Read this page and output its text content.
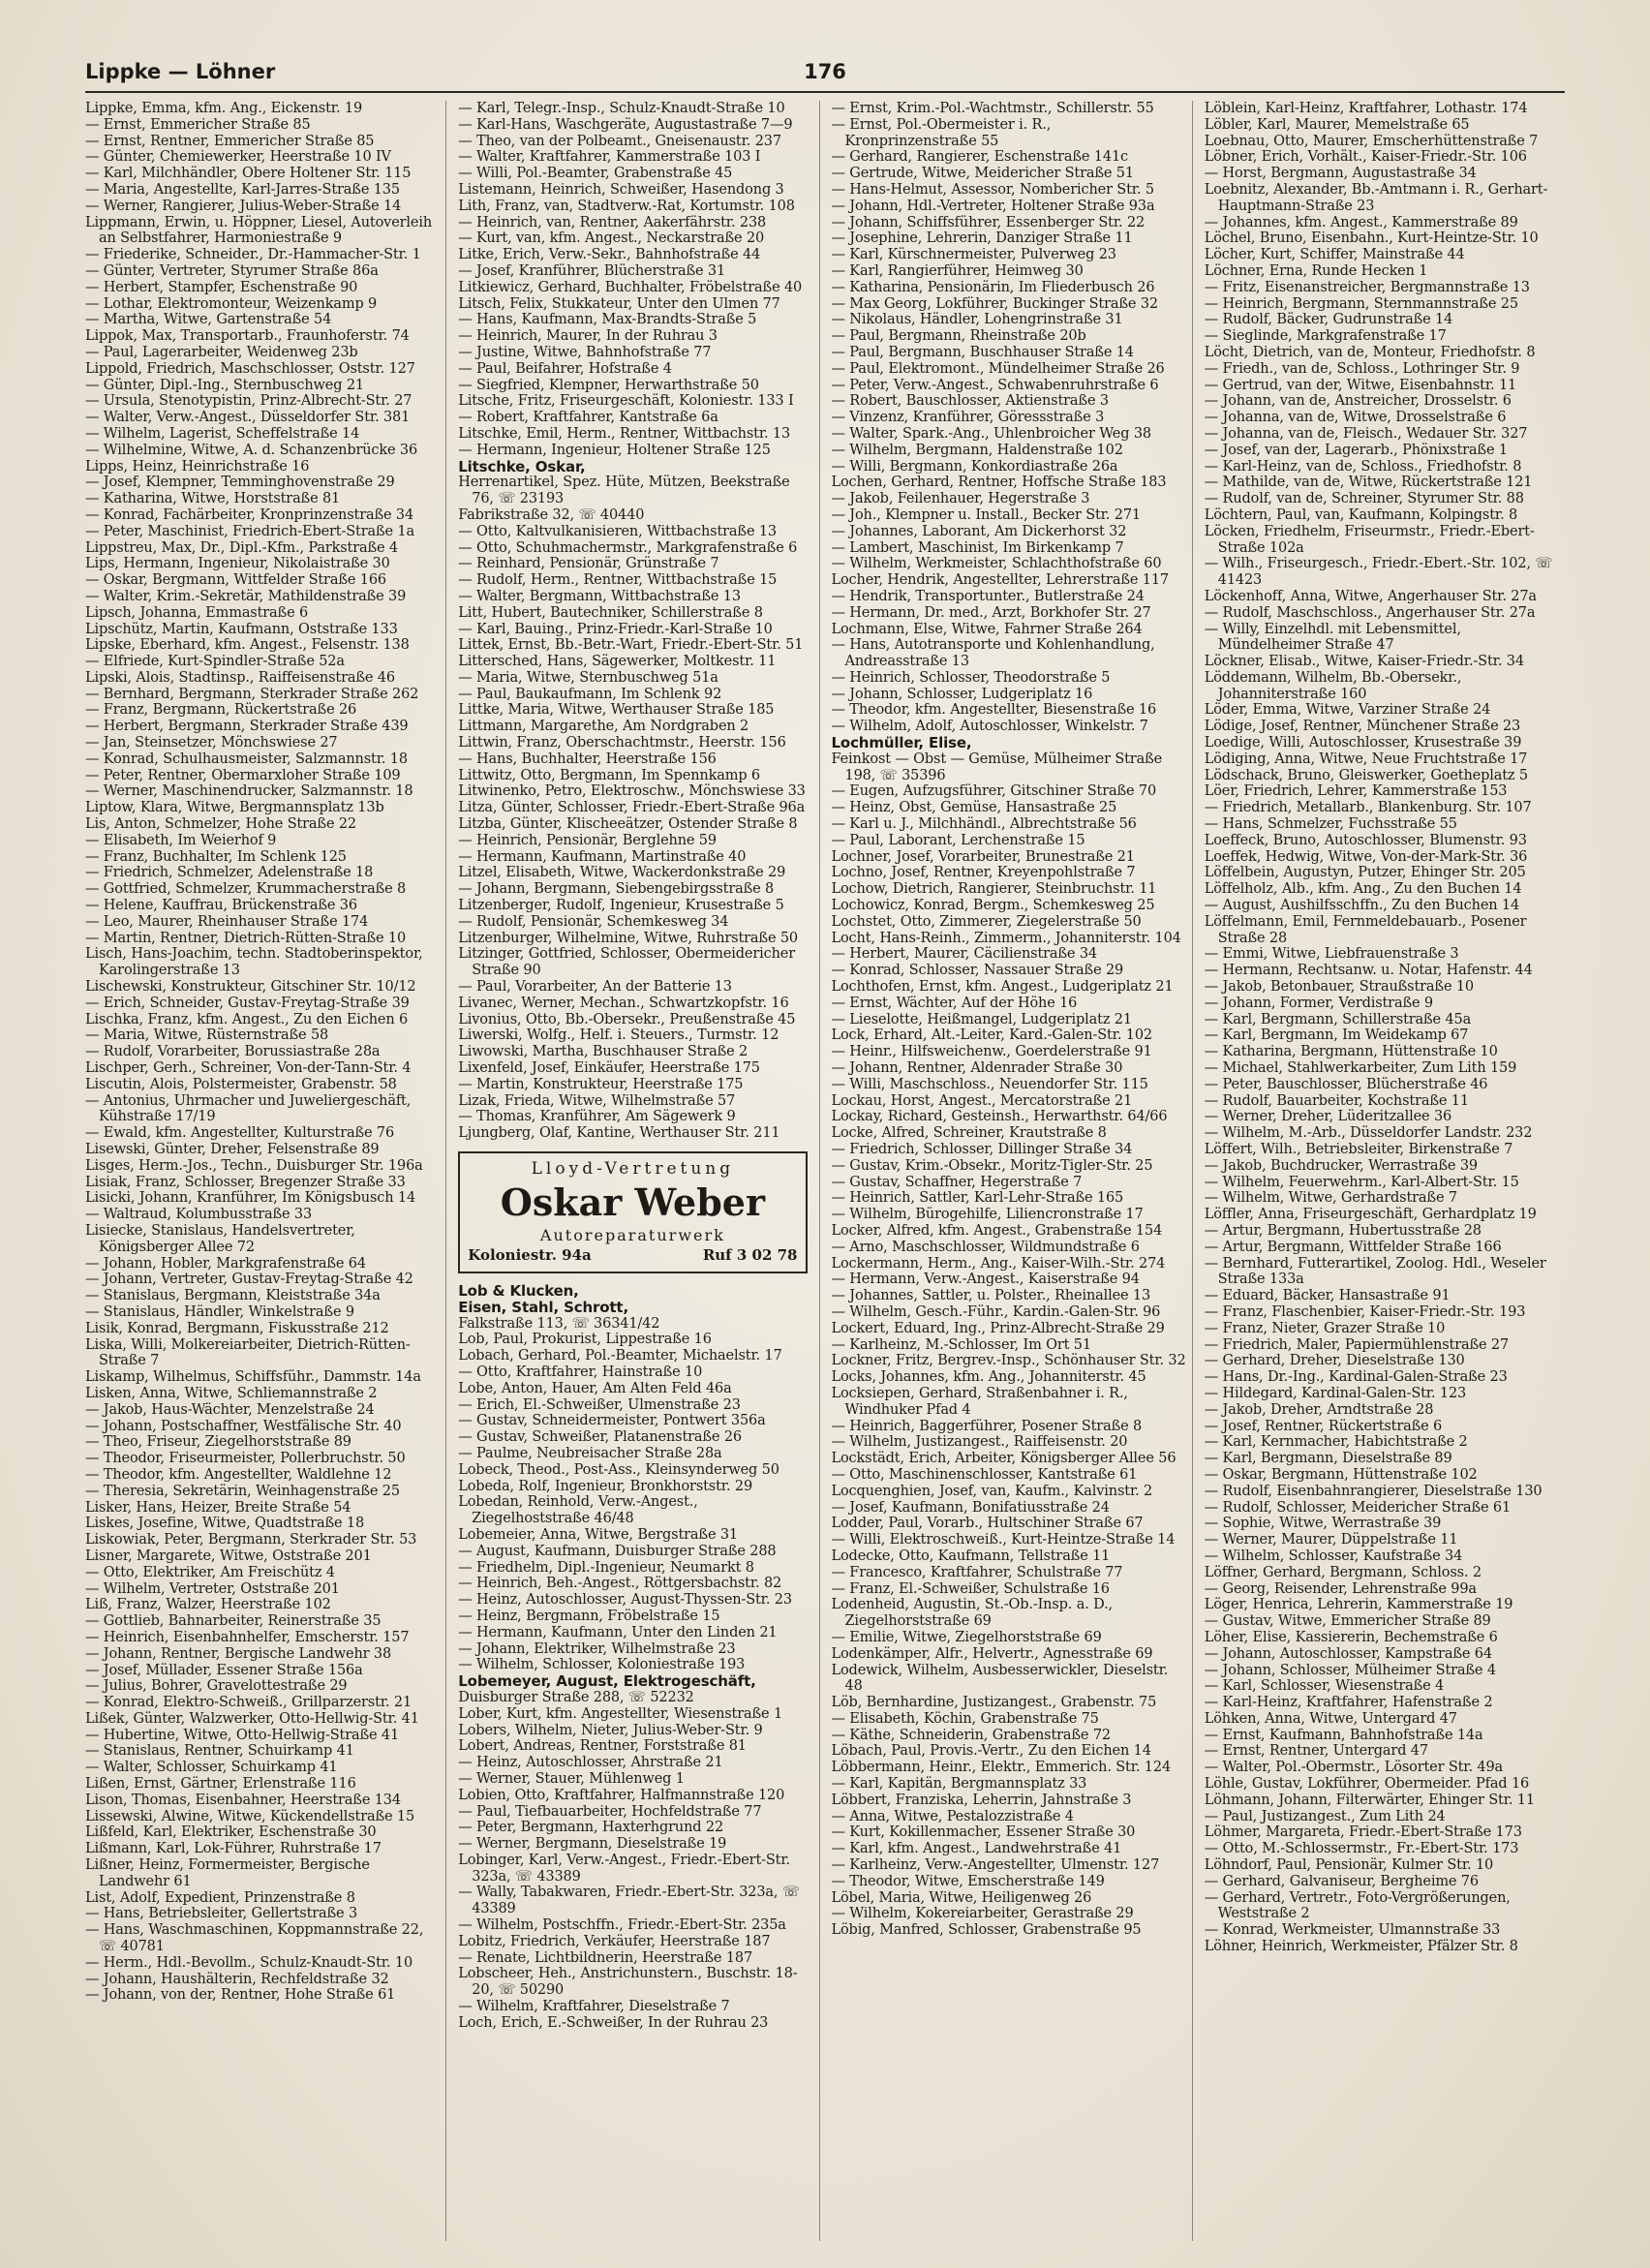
Lippke — Löhner	176
Lippke, Emma, kfm. Ang., Eickenstr. 19
— Ernst, Emmericher Straße 85
— Ernst, Rentner, Emmericher Straße 85
— Günter, Chemiewerker, Heerstraße 10 IV
— Karl, Milchhändler, Obere Holtener Str. 115
— Maria, Angestellte, Karl-Jarres-Straße 135
— Werner, Rangierer, Julius-Weber-Straße 14
Lippmann, Erwin, u. Höppner, Liesel, Autoverleih an Selbstfahrer, Harmoniestraße 9
— Friederike, Schneider., Dr.-Hammacher-Str. 1
— Günter, Vertreter, Styrumer Straße 86a
— Herbert, Stampfer, Eschenstraße 90
— Lothar, Elektromonteur, Weizenkamp 9
— Martha, Witwe, Gartenstraße 54
Lippok, Max, Transportarb., Fraunhoferstr. 74
— Paul, Lagerarbeiter, Weidenweg 23b
Lippold, Friedrich, Maschschlosser, Oststr. 127
— Günter, Dipl.-Ing., Sternbuschweg 21
— Ursula, Stenotypistin, Prinz-Albrecht-Str. 27
— Walter, Verw.-Angest., Düsseldorfer Str. 381
— Wilhelm, Lagerist, Scheffelstraße 14
— Wilhelmine, Witwe, A. d. Schanzenbrücke 36
Lipps, Heinz, Heinrichstraße 16
— Josef, Klempner, Temminghovenstraße 29
— Katharina, Witwe, Horststraße 81
— Konrad, Fachärbeiter, Kronprinzenstraße 34
— Peter, Maschinist, Friedrich-Ebert-Straße 1a
Lippstreu, Max, Dr., Dipl.-Kfm., Parkstraße 4
Lips, Hermann, Ingenieur, Nikolaistraße 30
— Oskar, Bergmann, Wittfelder Straße 166
— Walter, Krim.-Sekretär, Mathildenstraße 39
Lipsch, Johanna, Emmastraße 6
Lipschütz, Martin, Kaufmann, Oststraße 133
Lipske, Eberhard, kfm. Angest., Felsenstr. 138
— Elfriede, Kurt-Spindler-Straße 52a
Lipski, Alois, Stadtinsp., Raiffeisenstraße 46
— Bernhard, Bergmann, Sterkrader Straße 262
— Franz, Bergmann, Rückertstraße 26
— Herbert, Bergmann, Sterkrader Straße 439
— Jan, Steinsetzer, Mönchswiese 27
— Konrad, Schulhausmeister, Salzmannstr. 18
— Peter, Rentner, Obermarxloher Straße 109
— Werner, Maschinendrucker, Salzmannstr. 18
Liptow, Klara, Witwe, Bergmannsplatz 13b
Lis, Anton, Schmelzer, Hohe Straße 22
— Elisabeth, Im Weierhof 9
— Franz, Buchhalter, Im Schlenk 125
— Friedrich, Schmelzer, Adelenstraße 18
— Gottfried, Schmelzer, Krummacherstraße 8
— Helene, Kauffrau, Brückenstraße 36
— Leo, Maurer, Rheinhauser Straße 174
— Martin, Rentner, Dietrich-Rütten-Straße 10
Lisch, Hans-Joachim, techn. Stadtoberinspektor, Karolingerstraße 13
Lischewski, Konstrukteur, Gitschiner Str. 10/12
— Erich, Schneider, Gustav-Freytag-Straße 39
Lischka, Franz, kfm. Angest., Zu den Eichen 6
— Maria, Witwe, Rüsternstraße 58
— Rudolf, Vorarbeiter, Borussiastraße 28a
Lischper, Gerh., Schreiner, Von-der-Tann-Str. 4
Liscutin, Alois, Polstermeister, Grabenstr. 58
— Antonius, Uhrmacher und Juweliergeschäft, Kühstraße 17/19
— Ewald, kfm. Angestellter, Kulturstraße 76
Lisewski, Günter, Dreher, Felsenstraße 89
Lisges, Herm.-Jos., Techn., Duisburger Str. 196a
Lisiak, Franz, Schlosser, Bregenzer Straße 33
Lisicki, Johann, Kranführer, Im Königsbusch 14
— Waltraud, Kolumbusstraße 33
Lisiecke, Stanislaus, Handelsvertreter, Königsberger Allee 72
— Johann, Hobler, Markgrafenstraße 64
— Johann, Vertreter, Gustav-Freytag-Straße 42
— Stanislaus, Bergmann, Kleiststraße 34a
— Stanislaus, Händler, Winkelstraße 9
Lisik, Konrad, Bergmann, Fiskusstraße 212
Liska, Willi, Molkereiarbeiter, Dietrich-Rütten-Straße 7
Liskamp, Wilhelmus, Schiffsführ., Dammstr. 14a
Lisken, Anna, Witwe, Schliemannstraße 2
— Jakob, Haus-Wächter, Menzelstraße 24
— Johann, Postschaffner, Westfälische Str. 40
— Theo, Friseur, Ziegelhorststraße 89
— Theodor, Friseurmeister, Pollerbruchstr. 50
— Theodor, kfm. Angestellter, Waldlehne 12
— Theresia, Sekretärin, Weinhagenstraße 25
Lisker, Hans, Heizer, Breite Straße 54
Liskes, Josefine, Witwe, Quadtstraße 18
Liskowiak, Peter, Bergmann, Sterkrader Str. 53
Lisner, Margarete, Witwe, Oststraße 201
— Otto, Elektriker, Am Freischütz 4
— Wilhelm, Vertreter, Oststraße 201
Liß, Franz, Walzer, Heerstraße 102
— Gottlieb, Bahnarbeiter, Reinerstraße 35
— Heinrich, Eisenbahnhelfer, Emscherstr. 157
— Johann, Rentner, Bergische Landwehr 38
— Josef, Müllader, Essener Straße 156a
— Julius, Bohrer, Gravelottestraße 29
— Konrad, Elektro-Schweiß., Grillparzerstr. 21
Lißek, Günter, Walzwerker, Otto-Hellwig-Str. 41
— Hubertine, Witwe, Otto-Hellwig-Straße 41
— Stanislaus, Rentner, Schuirkamp 41
— Walter, Schlosser, Schuirkamp 41
Lißen, Ernst, Gärtner, Erlenstraße 116
Lison, Thomas, Eisenbahner, Heerstraße 134
Lissewski, Alwine, Witwe, Kückendellstraße 15
Lißfeld, Karl, Elektriker, Eschenstraße 30
Lißmann, Karl, Lok-Führer, Ruhrstraße 17
Lißner, Heinz, Formermeister, Bergische Landwehr 61
List, Adolf, Expedient, Prinzenstraße 8
— Hans, Betriebsleiter, Gellertstraße 3
— Hans, Waschmaschinen, Koppmannstraße 22, ☏ 40781
— Herm., Hdl.-Bevollm., Schulz-Knaudt-Str. 10
— Johann, Haushälterin, Rechfeldstraße 32
— Johann, von der, Rentner, Hohe Straße 61
— Karl, Telegr.-Insp., Schulz-Knaudt-Straße 10
— Karl-Hans, Waschgeräte, Augustastraße 7—9
— Theo, van der Polbeamt., Gneisenaustr. 237
— Walter, Kraftfahrer, Kammerstraße 103 I
— Willi, Pol.-Beamter, Grabenstraße 45
Listemann, Heinrich, Schweißer, Hasendong 3
Lith, Franz, van, Stadtverw.-Rat, Kortumstr. 108
— Heinrich, van, Rentner, Aakerfährstr. 238
— Kurt, van, kfm. Angest., Neckarstraße 20
Litke, Erich, Verw.-Sekr., Bahnhofstraße 44
— Josef, Kranführer, Blücherstraße 31
Litkiewicz, Gerhard, Buchhalter, Fröbelstraße 40
Litsch, Felix, Stukkateur, Unter den Ulmen 77
— Hans, Kaufmann, Max-Brandts-Straße 5
— Heinrich, Maurer, In der Ruhrau 3
— Justine, Witwe, Bahnhofstraße 77
— Paul, Beifahrer, Hofstraße 4
— Siegfried, Klempner, Herwarthstraße 50
Litsche, Fritz, Friseurgeschäft, Koloniestr. 133 I
— Robert, Kraftfahrer, Kantstraße 6a
Litschke, Emil, Herm., Rentner, Wittbachstr. 13
— Hermann, Ingenieur, Holtener Straße 125
Litschke, Oskar,
Herrenartikel, Spez. Hüte, Mützen, Beekstraße 76, ☏ 23193
Fabrikstraße 32, ☏ 40440
— Otto, Kaltvulkanisieren, Wittbachstraße 13
— Otto, Schuhmachermstr., Markgrafenstraße 6
— Reinhard, Pensionär, Grünstraße 7
— Rudolf, Herm., Rentner, Wittbachstraße 15
— Walter, Bergmann, Wittbachstraße 13
Litt, Hubert, Bautechniker, Schillerstraße 8
— Karl, Bauing., Prinz-Friedr.-Karl-Straße 10
Littek, Ernst, Bb.-Betr.-Wart, Friedr.-Ebert-Str. 51
Littersched, Hans, Sägewerker, Moltkestr. 11
— Maria, Witwe, Sternbuschweg 51a
— Paul, Baukaufmann, Im Schlenk 92
Littke, Maria, Witwe, Werthauser Straße 185
Littmann, Margarethe, Am Nordgraben 2
Littwin, Franz, Oberschachtmstr., Heerstr. 156
— Hans, Buchhalter, Heerstraße 156
Littwitz, Otto, Bergmann, Im Spennkamp 6
Litwinenko, Petro, Elektroschw., Mönchswiese 33
Litza, Günter, Schlosser, Friedr.-Ebert-Straße 96a
Litzba, Günter, Klischeeätzer, Ostender Straße 8
— Heinrich, Pensionär, Berglehne 59
— Hermann, Kaufmann, Martinstraße 40
Litzel, Elisabeth, Witwe, Wackerdonkstraße 29
— Johann, Bergmann, Siebengebirgsstraße 8
Litzenberger, Rudolf, Ingenieur, Krusestraße 5
— Rudolf, Pensionär, Schemkesweg 34
Litzenburger, Wilhelmine, Witwe, Ruhrstraße 50
Litzinger, Gottfried, Schlosser, Obermeidericher Straße 90
— Paul, Vorarbeiter, An der Batterie 13
Livanec, Werner, Mechan., Schwartzkopfstr. 16
Livonius, Otto, Bb.-Obersekr., Preußenstraße 45
Liwerski, Wolfg., Helf. i. Steuers., Turmstr. 12
Liwowski, Martha, Buschhauser Straße 2
Lixenfeld, Josef, Einkäufer, Heerstraße 175
— Martin, Konstrukteur, Heerstraße 175
Lizak, Frieda, Witwe, Wilhelmstraße 57
— Thomas, Kranführer, Am Sägewerk 9
Ljungberg, Olaf, Kantine, Werthauser Str. 211
Lloyd-Vertretung
Oskar Weber
Autoreparaturwerk
Koloniestr. 94a	Ruf 3 02 78
Lob & Klucken,
Eisen, Stahl, Schrott,
Falkstraße 113, ☏ 36341/42
Lob, Paul, Prokurist, Lippestraße 16
Lobach, Gerhard, Pol.-Beamter, Michaelstr. 17
— Otto, Kraftfahrer, Hainstraße 10
Lobe, Anton, Hauer, Am Alten Feld 46a
— Erich, El.-Schweißer, Ulmenstraße 23
— Gustav, Schneidermeister, Pontwert 356a
— Gustav, Schweißer, Platanenstraße 26
— Paulme, Neubreisacher Straße 28a
Lobeck, Theod., Post-Ass., Kleinsynderweg 50
Lobeda, Rolf, Ingenieur, Bronkhorststr. 29
Lobedan, Reinhold, Verw.-Angest., Ziegelhoststraße 46/48
Lobemeier, Anna, Witwe, Bergstraße 31
— August, Kaufmann, Duisburger Straße 288
— Friedhelm, Dipl.-Ingenieur, Neumarkt 8
— Heinrich, Beh.-Angest., Röttgersbachstr. 82
— Heinz, Autoschlosser, August-Thyssen-Str. 23
— Heinz, Bergmann, Fröbelstraße 15
— Hermann, Kaufmann, Unter den Linden 21
— Johann, Elektriker, Wilhelmstraße 23
— Wilhelm, Schlosser, Koloniestraße 193
Lobemeyer, August, Elektrogeschäft,
Duisburger Straße 288, ☏ 52232
Lober, Kurt, kfm. Angestellter, Wiesenstraße 1
Lobers, Wilhelm, Nieter, Julius-Weber-Str. 9
Lobert, Andreas, Rentner, Forststraße 81
— Heinz, Autoschlosser, Ahrstraße 21
— Werner, Stauer, Mühlenweg 1
Lobien, Otto, Kraftfahrer, Halfmannstraße 120
— Paul, Tiefbauarbeiter, Hochfeldstraße 77
— Peter, Bergmann, Haxterhgrund 22
— Werner, Bergmann, Dieselstraße 19
Lobinger, Karl, Verw.-Angest., Friedr.-Ebert-Str. 323a, ☏ 43389
— Wally, Tabakwaren, Friedr.-Ebert-Str. 323a, ☏ 43389
— Wilhelm, Postschffn., Friedr.-Ebert-Str. 235a
Lobitz, Friedrich, Verkäufer, Heerstraße 187
— Renate, Lichtbildnerin, Heerstraße 187
Lobscheer, Heh., Anstrichunstern., Buschstr. 18-20, ☏ 50290
— Wilhelm, Kraftfahrer, Dieselstraße 7
Loch, Erich, E.-Schweißer, In der Ruhrau 23
— Ernst, Krim.-Pol.-Wachtmstr., Schillerstr. 55
— Ernst, Pol.-Obermeister i. R., Kronprinzenstraße 55
— Gerhard, Rangierer, Eschenstraße 141c
— Gertrude, Witwe, Meidericher Straße 51
— Hans-Helmut, Assessor, Nombericher Str. 5
— Johann, Hdl.-Vertreter, Holtener Straße 93a
— Johann, Schiffsführer, Essenberger Str. 22
— Josephine, Lehrerin, Danziger Straße 11
— Karl, Kürschnermeister, Pulverweg 23
— Karl, Rangierführer, Heimweg 30
— Katharina, Pensionärin, Im Fliederbusch 26
— Max Georg, Lokführer, Buckinger Straße 32
— Nikolaus, Händler, Lohengrinstraße 31
— Paul, Bergmann, Rheinstraße 20b
— Paul, Bergmann, Buschhauser Straße 14
— Paul, Elektromont., Mündelheimer Straße 26
— Peter, Verw.-Angest., Schwabenruhrstraße 6
— Robert, Bauschlosser, Aktienstraße 3
— Vinzenz, Kranführer, Göressstraße 3
— Walter, Spark.-Ang., Uhlenbroicher Weg 38
— Wilhelm, Bergmann, Haldenstraße 102
— Willi, Bergmann, Konkordiastraße 26a
Lochen, Gerhard, Rentner, Hoffsche Straße 183
— Jakob, Feilenhauer, Hegerstraße 3
— Joh., Klempner u. Install., Becker Str. 271
— Johannes, Laborant, Am Dickerhorst 32
— Lambert, Maschinist, Im Birkenkamp 7
— Wilhelm, Werkmeister, Schlachthofstraße 60
Locher, Hendrik, Angestellter, Lehrerstraße 117
— Hendrik, Transportunter., Butlerstraße 24
— Hermann, Dr. med., Arzt, Borkhofer Str. 27
Lochmann, Else, Witwe, Fahrner Straße 264
— Hans, Autotransporte und Kohlenhandlung, Andreasstraße 13
— Heinrich, Schlosser, Theodorstraße 5
— Johann, Schlosser, Ludgeriplatz 16
— Theodor, kfm. Angestellter, Biesenstraße 16
— Wilhelm, Adolf, Autoschlosser, Winkelstr. 7
Lochmüller, Elise,
Feinkost — Obst — Gemüse, Mülheimer Straße 198, ☏ 35396
— Eugen, Aufzugsführer, Gitschiner Straße 70
— Heinz, Obst, Gemüse, Hansastraße 25
— Karl u. J., Milchhändl., Albrechtstraße 56
— Paul, Laborant, Lerchenstraße 15
Lochner, Josef, Vorarbeiter, Brunestraße 21
Lochno, Josef, Rentner, Kreyenpohlstraße 7
Lochow, Dietrich, Rangierer, Steinbruchstr. 11
Lochowicz, Konrad, Bergm., Schemkesweg 25
Lochstet, Otto, Zimmerer, Ziegelerstraße 50
Locht, Hans-Reinh., Zimmerm., Johanniterstr. 104
— Herbert, Maurer, Cäcilienstraße 34
— Konrad, Schlosser, Nassauer Straße 29
Lochthofen, Ernst, kfm. Angest., Ludgeriplatz 21
— Ernst, Wächter, Auf der Höhe 16
— Lieselotte, Heißmangel, Ludgeriplatz 21
Lock, Erhard, Alt.-Leiter, Kard.-Galen-Str. 102
— Heinr., Hilfsweichenw., Goerdelerstraße 91
— Johann, Rentner, Aldenrader Straße 30
— Willi, Maschschloss., Neuendorfer Str. 115
Lockau, Horst, Angest., Mercatorstraße 21
Lockay, Richard, Gesteinsh., Herwarthstr. 64/66
Locke, Alfred, Schreiner, Krautstraße 8
— Friedrich, Schlosser, Dillinger Straße 34
— Gustav, Krim.-Obsekr., Moritz-Tigler-Str. 25
— Gustav, Schaffner, Hegerstraße 7
— Heinrich, Sattler, Karl-Lehr-Straße 165
— Wilhelm, Bürogehilfe, Liliencronstraße 17
Locker, Alfred, kfm. Angest., Grabenstraße 154
— Arno, Maschschlosser, Wildmundstraße 6
Lockermann, Herm., Ang., Kaiser-Wilh.-Str. 274
— Hermann, Verw.-Angest., Kaiserstraße 94
— Johannes, Sattler, u. Polster., Rheinallee 13
— Wilhelm, Gesch.-Führ., Kardin.-Galen-Str. 96
Lockert, Eduard, Ing., Prinz-Albrecht-Straße 29
— Karlheinz, M.-Schlosser, Im Ort 51
Lockner, Fritz, Bergrev.-Insp., Schönhauser Str. 32
Locks, Johannes, kfm. Ang., Johanniterstr. 45
Locksiepen, Gerhard, Straßenbahner i. R., Windhuker Pfad 4
— Heinrich, Baggerführer, Posener Straße 8
— Wilhelm, Justizangest., Raiffeisenstr. 20
Lockstädt, Erich, Arbeiter, Königsberger Allee 56
— Otto, Maschinenschlosser, Kantstraße 61
Locquenghien, Josef, van, Kaufm., Kalvinstr. 2
— Josef, Kaufmann, Bonifatiusstraße 24
Lodder, Paul, Vorarb., Hultschiner Straße 67
— Willi, Elektroschweiß., Kurt-Heintze-Straße 14
Lodecke, Otto, Kaufmann, Tellstraße 11
— Francesco, Kraftfahrer, Schulstraße 77
— Franz, El.-Schweißer, Schulstraße 16
Lodenheid, Augustin, St.-Ob.-Insp. a. D., Ziegelhorststraße 69
— Emilie, Witwe, Ziegelhorststraße 69
Lodenkämper, Alfr., Helvertr., Agnesstraße 69
Lodewick, Wilhelm, Ausbesserwickler, Dieselstr. 48
Löb, Bernhardine, Justizangest., Grabenstr. 75
— Elisabeth, Köchin, Grabenstraße 75
— Käthe, Schneiderin, Grabenstraße 72
Löbach, Paul, Provis.-Vertr., Zu den Eichen 14
Löbbermann, Heinr., Elektr., Emmerich. Str. 124
— Karl, Kapitän, Bergmannsplatz 33
Löbbert, Franziska, Leherrin, Jahnstraße 3
— Anna, Witwe, Pestalozzistraße 4
— Kurt, Kokillenmacher, Essener Straße 30
— Karl, kfm. Angest., Landwehrstraße 41
— Karlheinz, Verw.-Angestellter, Ulmenstr. 127
— Theodor, Witwe, Emscherstraße 149
Löbel, Maria, Witwe, Heiligenweg 26
— Wilhelm, Kokereiarbeiter, Gerastraße 29
Löbig, Manfred, Schlosser, Grabenstraße 95
Löblein, Karl-Heinz, Kraftfahrer, Lothastr. 174
Löbler, Karl, Maurer, Memelstraße 65
Loebnau, Otto, Maurer, Emscherhüttenstraße 7
Löbner, Erich, Vorhält., Kaiser-Friedr.-Str. 106
— Horst, Bergmann, Augustastraße 34
Loebnitz, Alexander, Bb.-Amtmann i. R., Gerhart-Hauptmann-Straße 23
— Johannes, kfm. Angest., Kammerstraße 89
Löchel, Bruno, Eisenbahn., Kurt-Heintze-Str. 10
Löcher, Kurt, Schiffer, Mainstraße 44
Löchner, Erna, Runde Hecken 1
— Fritz, Eisenanstreicher, Bergmannstraße 13
— Heinrich, Bergmann, Sternmannstraße 25
— Rudolf, Bäcker, Gudrunstraße 14
— Sieglinde, Markgrafenstraße 17
Löcht, Dietrich, van de, Monteur, Friedhofstr. 8
— Friedh., van de, Schloss., Lothringer Str. 9
— Gertrud, van der, Witwe, Eisenbahnstr. 11
— Johann, van de, Anstreicher, Drosselstr. 6
— Johanna, van de, Witwe, Drosselstraße 6
— Johanna, van de, Fleisch., Wedauer Str. 327
— Josef, van der, Lagerarb., Phönixstraße 1
— Karl-Heinz, van de, Schloss., Friedhofstr. 8
— Mathilde, van de, Witwe, Rückertstraße 121
— Rudolf, van de, Schreiner, Styrumer Str. 88
Löchtern, Paul, van, Kaufmann, Kolpingstr. 8
Löcken, Friedhelm, Friseurmstr., Friedr.-Ebert-Straße 102a
— Wilh., Friseurgesch., Friedr.-Ebert.-Str. 102, ☏ 41423
Löckenhoff, Anna, Witwe, Angerhauser Str. 27a
— Rudolf, Maschschloss., Angerhauser Str. 27a
— Willy, Einzelhdl. mit Lebensmittel, Mündelheimer Straße 47
Löckner, Elisab., Witwe, Kaiser-Friedr.-Str. 34
Löddemann, Wilhelm, Bb.-Obersekr., Johanniterstraße 160
Löder, Emma, Witwe, Varziner Straße 24
Lödige, Josef, Rentner, Münchener Straße 23
Loedige, Willi, Autoschlosser, Krusestraße 39
Lödiging, Anna, Witwe, Neue Fruchtstraße 17
Lödschack, Bruno, Gleiswerker, Goetheplatz 5
Löer, Friedrich, Lehrer, Kammerstraße 153
— Friedrich, Metallarb., Blankenburg. Str. 107
— Hans, Schmelzer, Fuchsstraße 55
Loeffeck, Bruno, Autoschlosser, Blumenstr. 93
Loeffek, Hedwig, Witwe, Von-der-Mark-Str. 36
Löffelbein, Augustyn, Putzer, Ehinger Str. 205
Löffelholz, Alb., kfm. Ang., Zu den Buchen 14
— August, Aushilfsschffn., Zu den Buchen 14
Löffelmann, Emil, Fernmeldebauarb., Posener Straße 28
— Emmi, Witwe, Liebfrauenstraße 3
— Hermann, Rechtsanw. u. Notar, Hafenstr. 44
— Jakob, Betonbauer, Straußstraße 10
— Johann, Former, Verdistraße 9
— Karl, Bergmann, Schillerstraße 45a
— Karl, Bergmann, Im Weidekamp 67
— Katharina, Bergmann, Hüttenstraße 10
— Michael, Stahlwerkarbeiter, Zum Lith 159
— Peter, Bauschlosser, Blücherstraße 46
— Rudolf, Bauarbeiter, Kochstraße 11
— Werner, Dreher, Lüderitzallee 36
— Wilhelm, M.-Arb., Düsseldorfer Landstr. 232
Löffert, Wilh., Betriebsleiter, Birkenstraße 7
— Jakob, Buchdrucker, Werrastraße 39
— Wilhelm, Feuerwehrm., Karl-Albert-Str. 15
— Wilhelm, Witwe, Gerhardstraße 7
Löffler, Anna, Friseurgeschäft, Gerhardplatz 19
— Artur, Bergmann, Hubertusstraße 28
— Artur, Bergmann, Wittfelder Straße 166
— Bernhard, Futterartikel, Zoolog. Hdl., Weseler Straße 133a
— Eduard, Bäcker, Hansastraße 91
— Franz, Flaschenbier, Kaiser-Friedr.-Str. 193
— Franz, Nieter, Grazer Straße 10
— Friedrich, Maler, Papiermühlenstraße 27
— Gerhard, Dreher, Dieselstraße 130
— Hans, Dr.-Ing., Kardinal-Galen-Straße 23
— Hildegard, Kardinal-Galen-Str. 123
— Jakob, Dreher, Arndtstraße 28
— Josef, Rentner, Rückertstraße 6
— Karl, Kernmacher, Habichtstraße 2
— Karl, Bergmann, Dieselstraße 89
— Oskar, Bergmann, Hüttenstraße 102
— Rudolf, Eisenbahnrangierer, Dieselstraße 130
— Rudolf, Schlosser, Meidericher Straße 61
— Sophie, Witwe, Werrastraße 39
— Werner, Maurer, Düppelstraße 11
— Wilhelm, Schlosser, Kaufstraße 34
Löffner, Gerhard, Bergmann, Schloss. 2
— Georg, Reisender, Lehrenstraße 99a
Löger, Henrica, Lehrerin, Kammerstraße 19
— Gustav, Witwe, Emmericher Straße 89
Löher, Elise, Kassiererin, Bechemstraße 6
— Johann, Autoschlosser, Kampstraße 64
— Johann, Schlosser, Mülheimer Straße 4
— Karl, Schlosser, Wiesenstraße 4
— Karl-Heinz, Kraftfahrer, Hafenstraße 2
Löhken, Anna, Witwe, Untergard 47
— Ernst, Kaufmann, Bahnhofstraße 14a
— Ernst, Rentner, Untergard 47
— Walter, Pol.-Obermstr., Lösorter Str. 49a
Löhle, Gustav, Lokführer, Obermeider. Pfad 16
Löhmann, Johann, Filterwärter, Ehinger Str. 11
— Paul, Justizangest., Zum Lith 24
Löhmer, Margareta, Friedr.-Ebert-Straße 173
— Otto, M.-Schlossermstr., Fr.-Ebert-Str. 173
Löhndorf, Paul, Pensionär, Kulmer Str. 10
— Gerhard, Galvaniseur, Bergheime 76
— Gerhard, Vertretr., Foto-Vergrößerungen, Weststraße 2
— Konrad, Werkmeister, Ulmannstraße 33
Löhner, Heinrich, Werkmeister, Pfälzer Str. 8
